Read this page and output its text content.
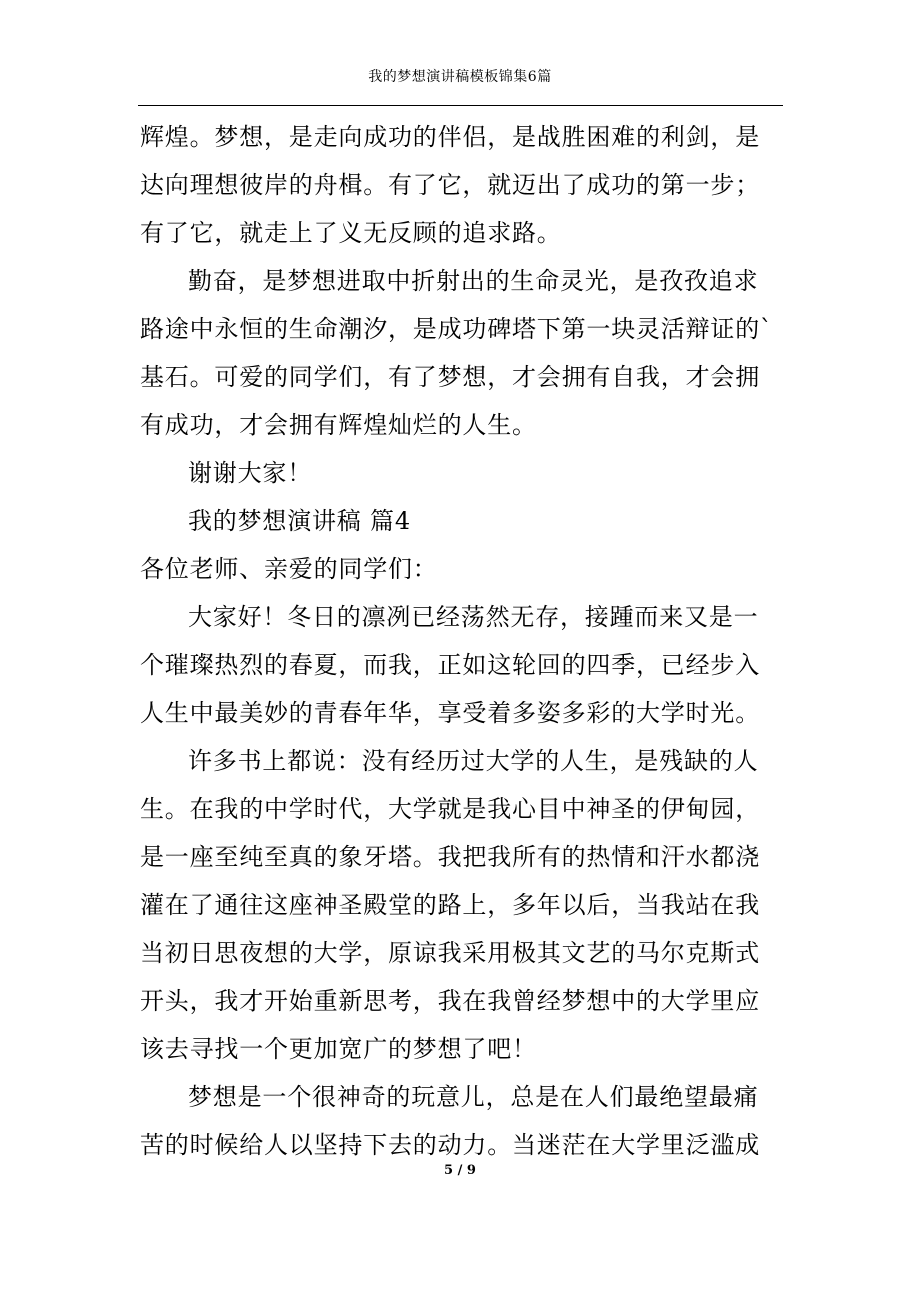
我的梦想演讲稿模板锦集6篇
辉煌。梦想，是走向成功的伴侣，是战胜困难的利剑，是
达向理想彼岸的舟楫。有了它，就迈出了成功的第一步；
有了它，就走上了义无反顾的追求路。
勤奋，是梦想进取中折射出的生命灵光，是孜孜追求
路途中永恒的生命潮汐，是成功碑塔下第一块灵活辩证的`
基石。可爱的同学们，有了梦想，才会拥有自我，才会拥
有成功，才会拥有辉煌灿烂的人生。
谢谢大家！
我的梦想演讲稿 篇4
各位老师、亲爱的同学们：
大家好！冬日的凛冽已经荡然无存，接踵而来又是一
个璀璨热烈的春夏，而我，正如这轮回的四季，已经步入
人生中最美妙的青春年华，享受着多姿多彩的大学时光。
许多书上都说：没有经历过大学的人生，是残缺的人
生。在我的中学时代，大学就是我心目中神圣的伊甸园，
是一座至纯至真的象牙塔。我把我所有的热情和汗水都浇
灌在了通往这座神圣殿堂的路上，多年以后，当我站在我
当初日思夜想的大学，原谅我采用极其文艺的马尔克斯式
开头，我才开始重新思考，我在我曾经梦想中的大学里应
该去寻找一个更加宽广的梦想了吧！
梦想是一个很神奇的玩意儿，总是在人们最绝望最痛
苦的时候给人以坚持下去的动力。当迷茫在大学里泛滥成
5 / 9
